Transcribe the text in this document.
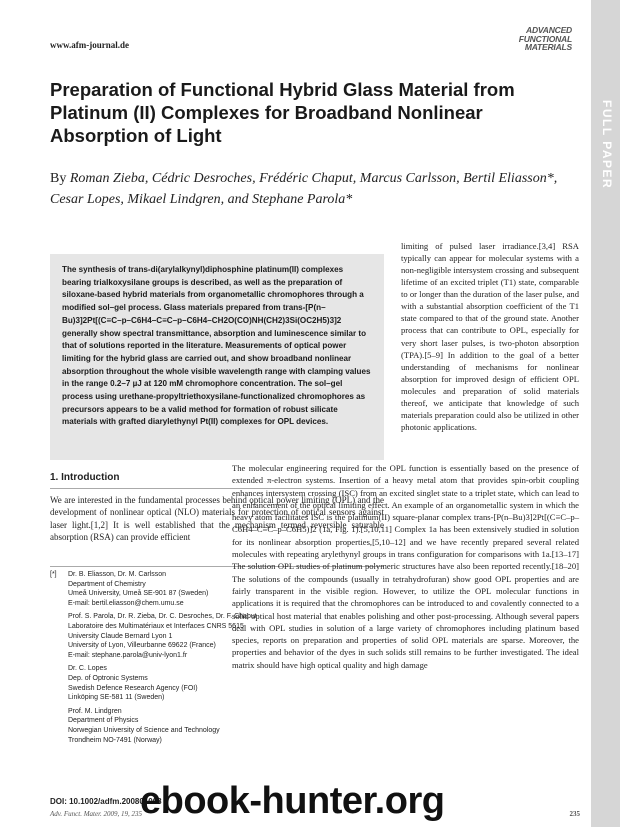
www.afm-journal.de
ADVANCED
FUNCTIONAL
MATERIALS
FULL PAPER
Preparation of Functional Hybrid Glass Material from Platinum (II) Complexes for Broadband Nonlinear Absorption of Light

By Roman Zieba, Cédric Desroches, Frédéric Chaput, Marcus Carlsson, Bertil Eliasson*, Cesar Lopes, Mikael Lindgren, and Stephane Parola*

The synthesis of trans-di(arylalkynyl)diphosphine platinum(II) complexes bearing trialkoxysilane groups is described, as well as the preparation of siloxane-based hybrid materials from organometallic chromophores through a modified sol–gel process. Glass materials prepared from trans-[P(n–Bu)3]2Pt[(C≡C–p–C6H4–C≡C–p–C6H4–CH2O(CO)NH(CH2)3Si(OC2H5)3]2 generally show spectral transmittance, absorption and luminescence similar to that of solutions reported in the literature. Measurements of optical power limiting for the hybrid glass are carried out, and show broadband nonlinear absorption throughout the whole visible wavelength range with clamping values in the range 0.2–7 µJ at 120 mM chromophore concentration. The sol–gel process using urethane-propyltriethoxysilane-functionalized chromophores as precursors appears to be a valid method for formation of robust silicate materials with grafted diarylethynyl Pt(II) complexes for OPL devices.

1. Introduction

We are interested in the fundamental processes behind optical power limiting (OPL) and the development of nonlinear optical (NLO) materials for protection of optical sensors against laser light.[1,2] It is well established that the mechanism termed reversible saturable absorption (RSA) can provide efficient

[*] Dr. B. Eliasson, Dr. M. Carlsson
Department of Chemistry
Umeå University, Umeå SE-901 87 (Sweden)
E-mail: bertil.eliasson@chem.umu.se
Prof. S. Parola, Dr. R. Zieba, Dr. C. Desroches, Dr. F. Chaput
Laboratoire des Multimatériaux et Interfaces CNRS 5615
University Claude Bernard Lyon 1
University of Lyon, Villeurbanne 69622 (France)
E-mail: stephane.parola@univ-lyon1.fr
Dr. C. Lopes
Dep. of Optronic Systems
Swedish Defence Research Agency (FOI)
Linköping SE-581 11 (Sweden)
Prof. M. Lindgren
Department of Physics
Norwegian University of Science and Technology
Trondheim NO-7491 (Norway)
DOI: 10.1002/adfm.200801008

limiting of pulsed laser irradiance.[3,4] RSA typically can appear for molecular systems with a non-negligible intersystem crossing and subsequent lifetime of an excited triplet (T1) state, comparable to or longer than the duration of the laser pulse, and with a substantial absorption coefficient of the T1 state compared to that of the ground state. Another process that can contribute to OPL, especially for very short laser pulses, is two-photon absorption (TPA).[5–9] In addition to the goal of a better understanding of mechanisms for nonlinear absorption for improved design of efficient OPL molecules and preparation of solid materials thereof, we anticipate that knowledge of such materials preparation could also be utilized in other photonic applications.

The molecular engineering required for the OPL function is essentially based on the presence of extended π-electron systems. Insertion of a heavy metal atom that provides spin-orbit coupling enhances intersystem crossing (ISC) from an excited singlet state to a triplet state, which can lead to an enhancement of the optical limiting effect. An example of an organometallic system in which the heavy atom facilitates ISC is the platinum(II) square-planar complex trans-[P(n–Bu)3]2Pt[(C≡C–p–C6H4–C≡C–p–C6H5)]2 (1a, Fig. 1).[5,10,11] Complex 1a has been extensively studied in solution for its nonlinear absorption properties,[5,10–12] and we have recently prepared several related molecules with repeating arylethynyl groups in trans configuration for comparisons with 1a.[13–17] The solution OPL studies of platinum polymeric structures have also been reported recently.[18–20] The solutions of the compounds (usually in tetrahydrofuran) show good OPL properties and are fairly transparent in the visible region. However, to utilize the OPL molecular functions in applications it is required that the chromophores can be introduced to and covalently connected to a solid optical host material that enables polishing and other post-processing. Although several papers deal with OPL studies in solution of a large variety of chromophores including platinum based species, reports on preparation and properties of solid OPL materials are sparse. Moreover, the properties and behavior of the dyes in such solids still remains to be further investigated. The ideal matrix should have high optical quality and high damage

Adv. Funct. Mater. 2009, 19, 235	235
ebook-hunter.org
